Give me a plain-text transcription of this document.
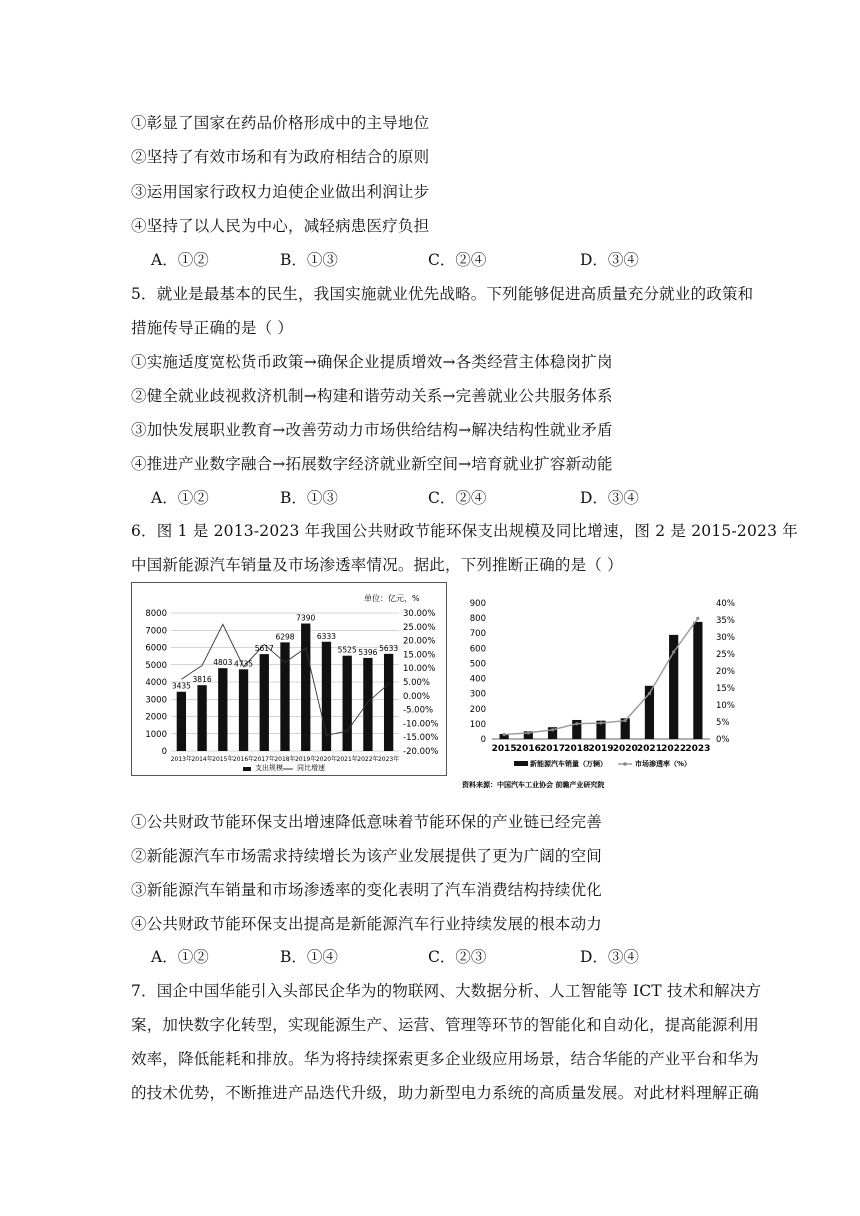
①彰显了国家在药品价格形成中的主导地位
②坚持了有效市场和有为政府相结合的原则
③运用国家行政权力迫使企业做出利润让步
④坚持了以人民为中心，减轻病患医疗负担
A．①②	B．①③	C．②④	D．③④
5．就业是最基本的民生，我国实施就业优先战略。下列能够促进高质量充分就业的政策和
措施传导正确的是（ ）
①实施适度宽松货币政策→确保企业提质增效→各类经营主体稳岗扩岗
②健全就业歧视救济机制→构建和谐劳动关系→完善就业公共服务体系
③加快发展职业教育→改善劳动力市场供给结构→解决结构性就业矛盾
④推进产业数字融合→拓展数字经济就业新空间→培育就业扩容新动能
A．①②	B．①③	C．②④	D．③④
6．图 1 是 2013-2023 年我国公共财政节能环保支出规模及同比增速，图 2 是 2015-2023 年
中国新能源汽车销量及市场渗透率情况。据此，下列推断正确的是（ ）
8000
7000
6000
5000
4000
3000
2000
1000
0
30.00%
25.00%
20.00%
15.00%
10.00%
5.00%
0.00%
-5.00%
-10.00%
-15.00%
-20.00%
3435
2013年
3816
2014年
4803
2015年
4735
2016年
5617
2017年
6298
2018年
7390
2019年
6333
2020年
5525
2021年
5396
2022年
5633
2023年
单位：亿元，%
支出规模 同比增速
900
800
700
600
500
400
300
200
100
0
40%
35%
30%
25%
20%
15%
10%
5%
0%
2015 2016 2017 2018 2019 2020 2021 2022 2023
新能源汽车销量（万辆）	市场渗透率（%）
资料来源：中国汽车工业协会 前瞻产业研究院
①公共财政节能环保支出增速降低意味着节能环保的产业链已经完善
②新能源汽车市场需求持续增长为该产业发展提供了更为广阔的空间
③新能源汽车销量和市场渗透率的变化表明了汽车消费结构持续优化
④公共财政节能环保支出提高是新能源汽车行业持续发展的根本动力
A．①②	B．①④	C．②③	D．③④
7．国企中国华能引入头部民企华为的物联网、大数据分析、人工智能等 ICT 技术和解决方
案，加快数字化转型，实现能源生产、运营、管理等环节的智能化和自动化，提高能源利用
效率，降低能耗和排放。华为将持续探索更多企业级应用场景，结合华能的产业平台和华为
的技术优势，不断推进产品迭代升级，助力新型电力系统的高质量发展。对此材料理解正确
